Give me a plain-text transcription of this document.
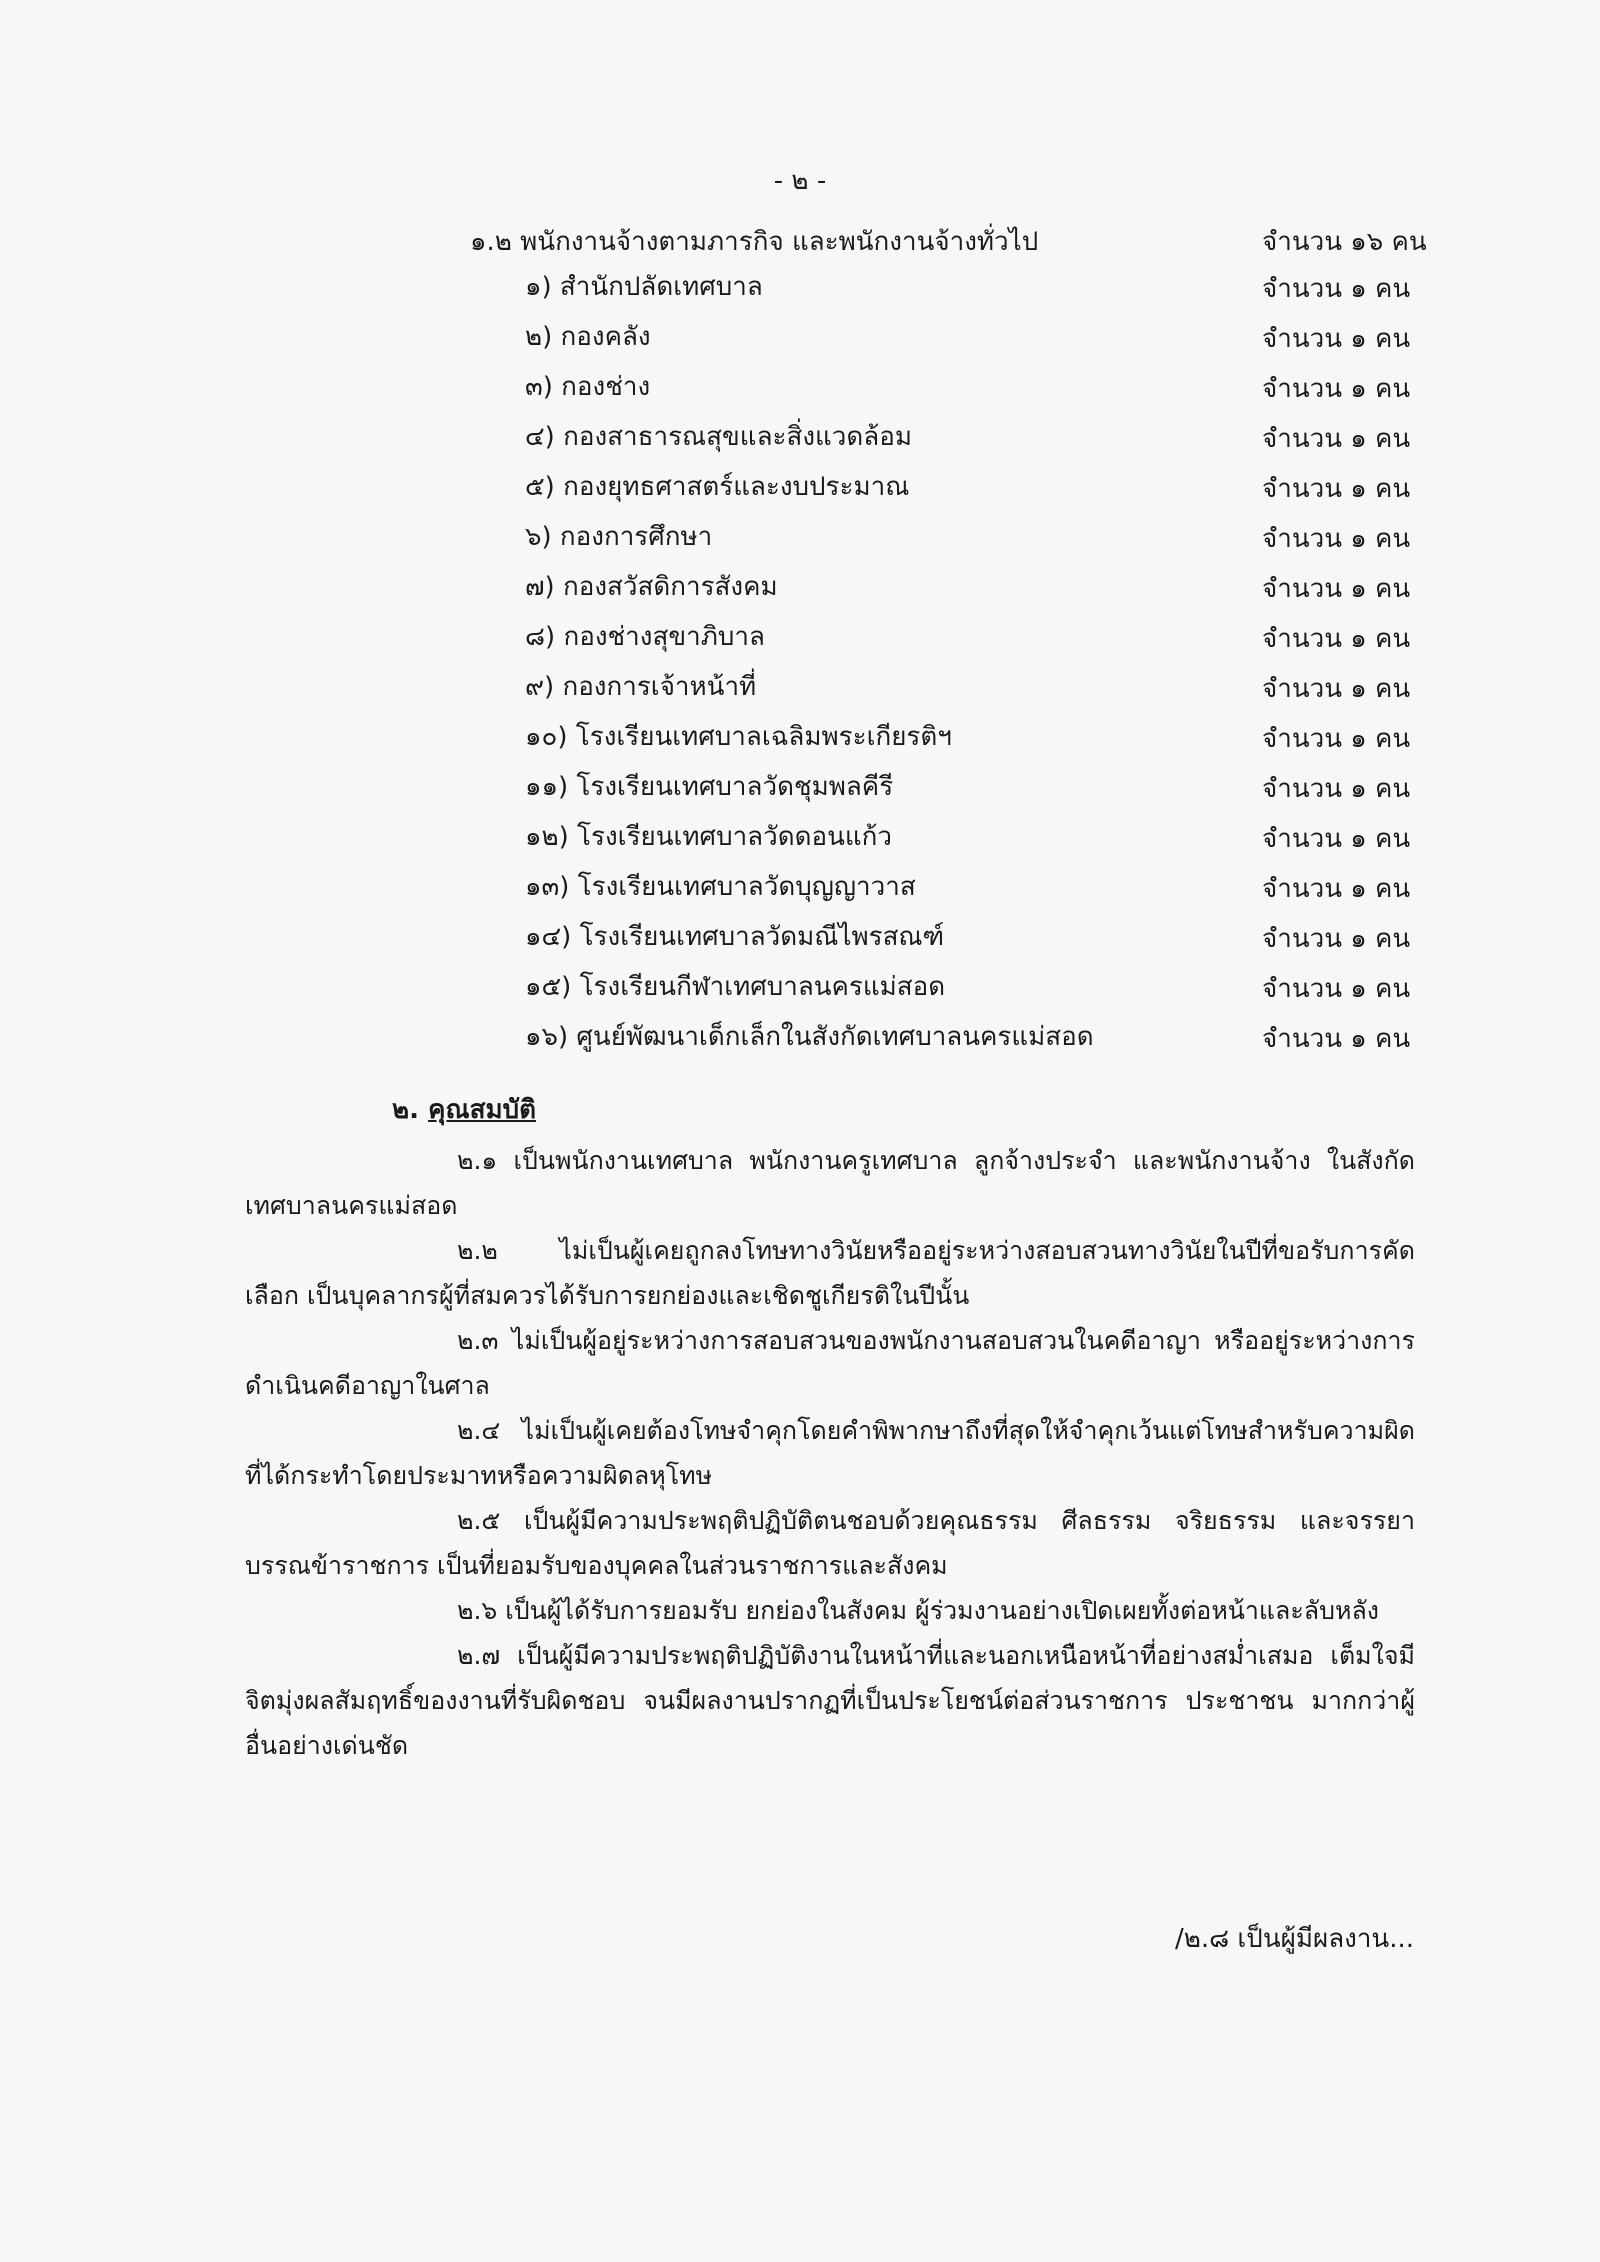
- ๒ -
๑.๒ พนักงานจ้างตามภารกิจ และพนักงานจ้างทั่วไป	จำนวน ๑๖ คน
๑) สำนักปลัดเทศบาล	จำนวน ๑ คน
๒) กองคลัง	จำนวน ๑ คน
๓) กองช่าง	จำนวน ๑ คน
๔) กองสาธารณสุขและสิ่งแวดล้อม	จำนวน ๑ คน
๕) กองยุทธศาสตร์และงบประมาณ	จำนวน ๑ คน
๖) กองการศึกษา	จำนวน ๑ คน
๗) กองสวัสดิการสังคม	จำนวน ๑ คน
๘) กองช่างสุขาภิบาล	จำนวน ๑ คน
๙) กองการเจ้าหน้าที่	จำนวน ๑ คน
๑๐) โรงเรียนเทศบาลเฉลิมพระเกียรติฯ	จำนวน ๑ คน
๑๑) โรงเรียนเทศบาลวัดชุมพลคีรี	จำนวน ๑ คน
๑๒) โรงเรียนเทศบาลวัดดอนแก้ว	จำนวน ๑ คน
๑๓) โรงเรียนเทศบาลวัดบุญญาวาส	จำนวน ๑ คน
๑๔) โรงเรียนเทศบาลวัดมณีไพรสณฑ์	จำนวน ๑ คน
๑๕) โรงเรียนกีฬาเทศบาลนครแม่สอด	จำนวน ๑ คน
๑๖) ศูนย์พัฒนาเด็กเล็กในสังกัดเทศบาลนครแม่สอด	จำนวน ๑ คน
๒. คุณสมบัติ
๒.๑ เป็นพนักงานเทศบาล พนักงานครูเทศบาล ลูกจ้างประจำ และพนักงานจ้าง ในสังกัดเทศบาลนครแม่สอด
๒.๒ ไม่เป็นผู้เคยถูกลงโทษทางวินัยหรืออยู่ระหว่างสอบสวนทางวินัยในปีที่ขอรับการคัดเลือก เป็นบุคลากรผู้ที่สมควรได้รับการยกย่องและเชิดชูเกียรติในปีนั้น
๒.๓ ไม่เป็นผู้อยู่ระหว่างการสอบสวนของพนักงานสอบสวนในคดีอาญา หรืออยู่ระหว่างการดำเนินคดีอาญาในศาล
๒.๔ ไม่เป็นผู้เคยต้องโทษจำคุกโดยคำพิพากษาถึงที่สุดให้จำคุกเว้นแต่โทษสำหรับความผิดที่ได้กระทำโดยประมาทหรือความผิดลหุโทษ
๒.๕ เป็นผู้มีความประพฤติปฏิบัติตนชอบด้วยคุณธรรม ศีลธรรม จริยธรรม และจรรยาบรรณข้าราชการ เป็นที่ยอมรับของบุคคลในส่วนราชการและสังคม
๒.๖ เป็นผู้ได้รับการยอมรับ ยกย่องในสังคม ผู้ร่วมงานอย่างเปิดเผยทั้งต่อหน้าและลับหลัง
๒.๗ เป็นผู้มีความประพฤติปฏิบัติงานในหน้าที่และนอกเหนือหน้าที่อย่างสม่ำเสมอ เต็มใจมีจิตมุ่งผลสัมฤทธิ์ของงานที่รับผิดชอบ จนมีผลงานปรากฏที่เป็นประโยชน์ต่อส่วนราชการ ประชาชน มากกว่าผู้อื่นอย่างเด่นชัด
/๒.๘ เป็นผู้มีผลงาน...
